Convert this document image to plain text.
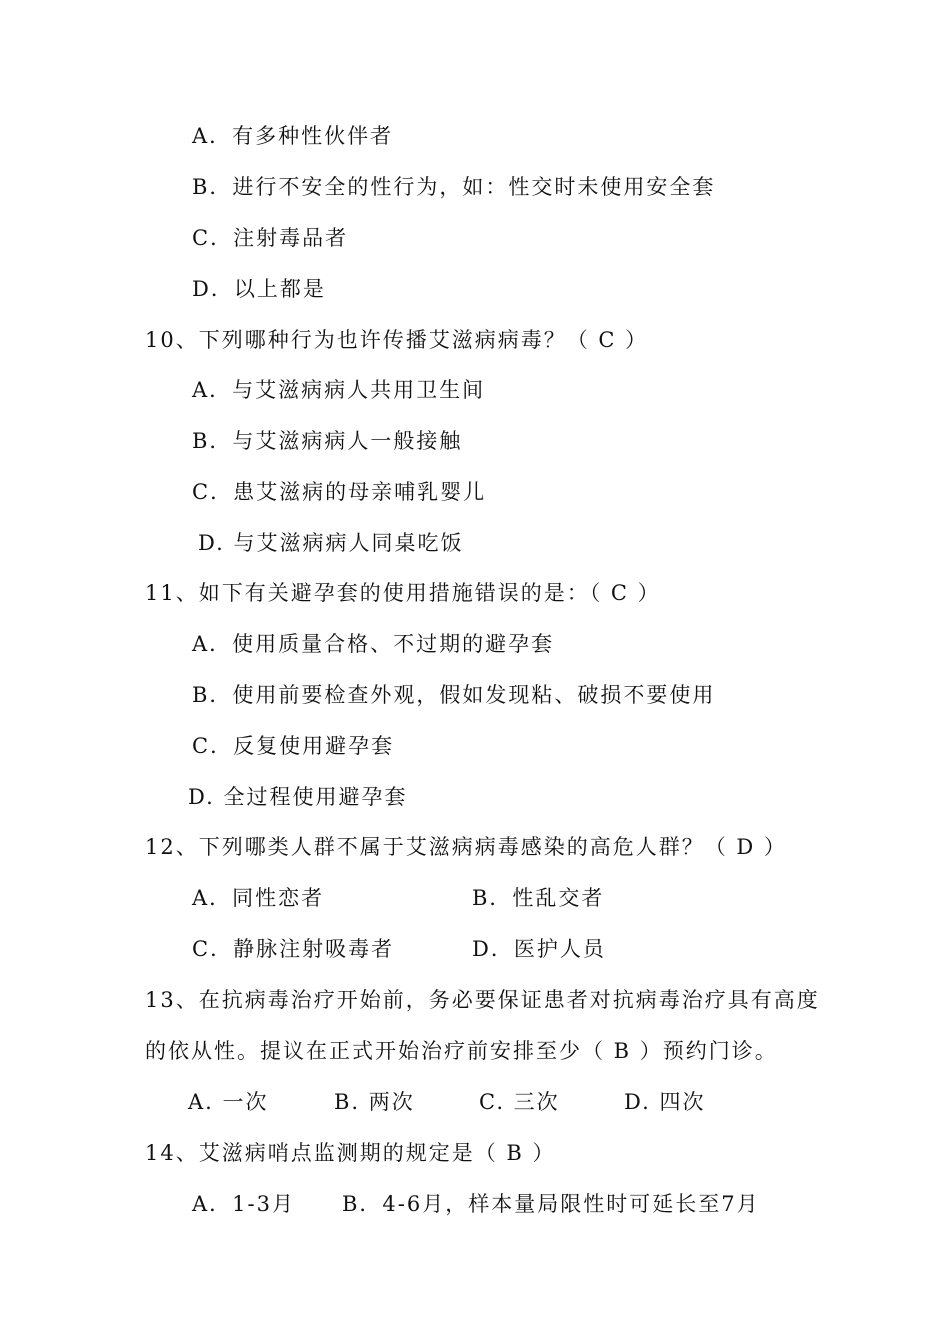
A．有多种性伙伴者
B．进行不安全的性行为，如：性交时未使用安全套
C．注射毒品者
D．以上都是
10、下列哪种行为也许传播艾滋病病毒？（ C ）
A．与艾滋病病人共用卫生间
B．与艾滋病病人一般接触
C．患艾滋病的母亲哺乳婴儿
D. 与艾滋病病人同桌吃饭
11、如下有关避孕套的使用措施错误的是：（ C ）
A．使用质量合格、不过期的避孕套
B．使用前要检查外观，假如发现粘、破损不要使用
C．反复使用避孕套
D. 全过程使用避孕套
12、下列哪类人群不属于艾滋病病毒感染的高危人群？（ D ）
A．同性恋者	B．性乱交者
C．静脉注射吸毒者	D．医护人员
13、在抗病毒治疗开始前，务必要保证患者对抗病毒治疗具有高度
的依从性。提议在正式开始治疗前安排至少（ B ）预约门诊。
A. 一次	B. 两次	C. 三次	D. 四次
14、艾滋病哨点监测期的规定是（ B ）
A．1-3月 B．4-6月，样本量局限性时可延长至7月
